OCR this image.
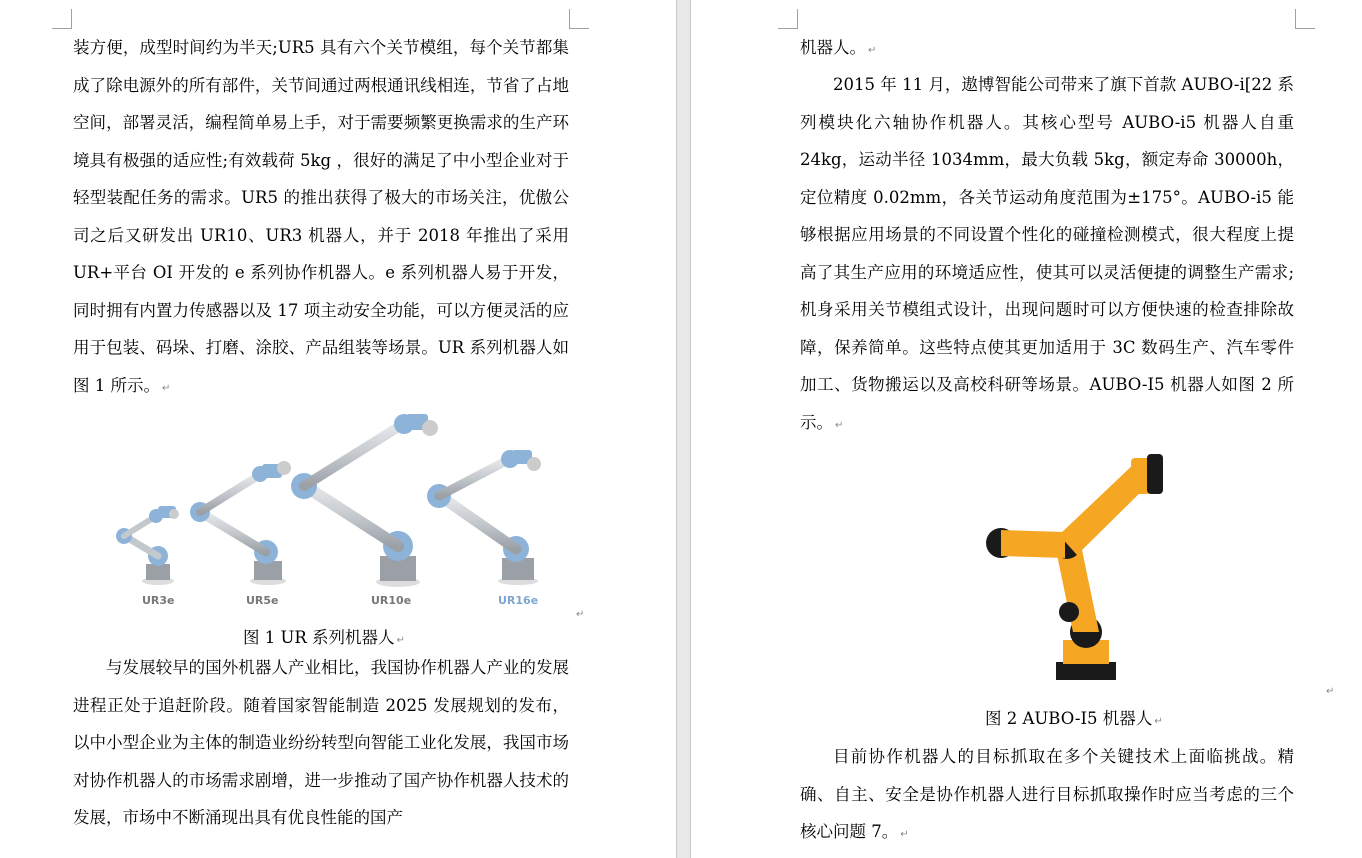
装方便，成型时间约为半天;UR5 具有六个关节模组，每个关节都集成了除电源外的所有部件，关节间通过两根通讯线相连，节省了占地空间，部署灵活，编程简单易上手，对于需要频繁更换需求的生产环境具有极强的适应性;有效载荷 5kg ，很好的满足了中小型企业对于轻型装配任务的需求。UR5 的推出获得了极大的市场关注，优傲公司之后又研发出 UR10、UR3 机器人，并于 2018 年推出了采用 UR+平台 OI 开发的 e 系列协作机器人。e 系列机器人易于开发，同时拥有内置力传感器以及 17 项主动安全功能，可以方便灵活的应用于包装、码垛、打磨、涂胶、产品组装等场景。UR 系列机器人如图 1 所示。 ↵

UR3e	UR5e	UR10e	UR16e
↵
图 1 UR 系列机器人 ↵

与发展较早的国外机器人产业相比，我国协作机器人产业的发展进程正处于追赶阶段。随着国家智能制造 2025 发展规划的发布，以中小型企业为主体的制造业纷纷转型向智能工业化发展，我国市场对协作机器人的市场需求剧增，进一步推动了国产协作机器人技术的发展，市场中不断涌现出具有优良性能的国产

机器人。 ↵

2015 年 11 月，遨博智能公司带来了旗下首款 AUBO-i[22 系列模块化六轴协作机器人。其核心型号 AUBO-i5 机器人自重 24kg，运动半径 1034mm，最大负载 5kg，额定寿命 30000h，定位精度 0.02mm，各关节运动角度范围为±175°。AUBO-i5 能够根据应用场景的不同设置个性化的碰撞检测模式，很大程度上提高了其生产应用的环境适应性，使其可以灵活便捷的调整生产需求;机身采用关节模组式设计，出现问题时可以方便快速的检查排除故障，保养简单。这些特点使其更加适用于 3C 数码生产、汽车零件加工、货物搬运以及高校科研等场景。AUBO-I5 机器人如图 2 所示。 ↵

↵
图 2 AUBO-I5 机器人 ↵

目前协作机器人的目标抓取在多个关键技术上面临挑战。精确、自主、安全是协作机器人进行目标抓取操作时应当考虑的三个核心问题 7。 ↵
